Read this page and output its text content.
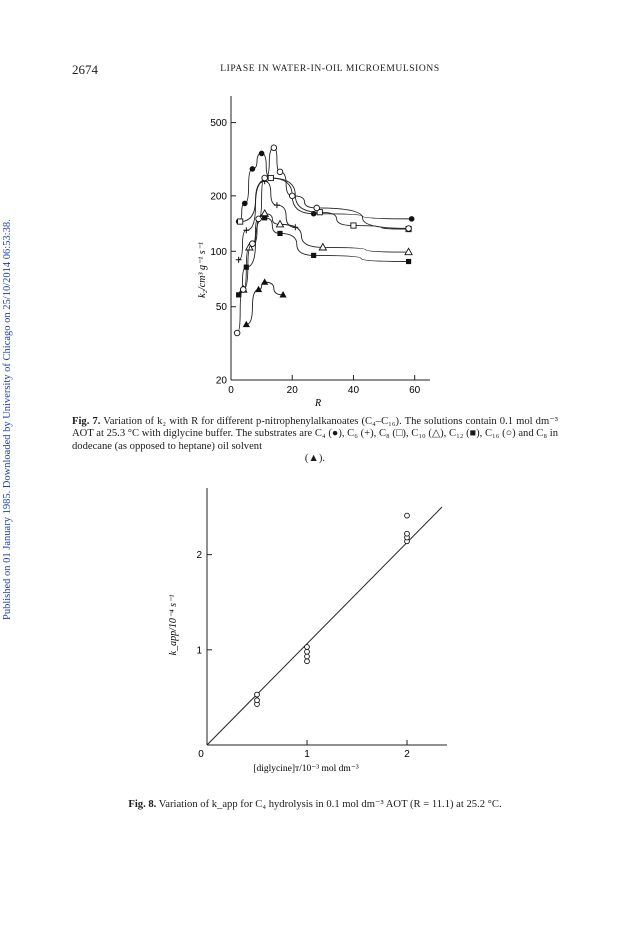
2674	LIPASE IN WATER-IN-OIL MICROEMULSIONS
Published on 01 January 1985. Downloaded by University of Chicago on 25/10/2014 06:53:38.	20
50
100
200
500
0	20	40	60
k₂/cm³ g⁻¹ s⁻¹
R
Fig. 7. Variation of k₂ with R for different p-nitrophenylalkanoates (C₄–C₁₆). The solutions contain 0.1 mol dm⁻³ AOT at 25.3 °C with diglycine buffer. The substrates are C₄ (●), C₆ (+), C₈ (□), C₁₀ (△), C₁₂ (■), C₁₆ (○) and C₈ in dodecane (as opposed to heptane) oil solvent
(▲).
1
2
0	1	2
k_app/10⁻⁴ s⁻¹
[diglycine]ᴛ/10⁻³ mol dm⁻³
Fig. 8. Variation of k_app for C₄ hydrolysis in 0.1 mol dm⁻³ AOT (R = 11.1) at 25.2 °C.
